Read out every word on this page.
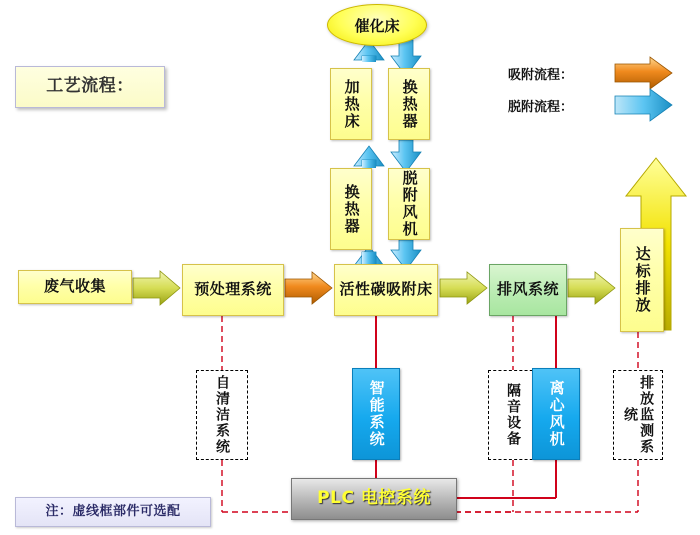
工艺流程：
注：虚线框部件可选配
吸附流程：
脱附流程：
催化床
加热床	换热器
换热器	脱附风机
废气收集	预处理系统	活性碳吸附床	排风系统	达标排放
自清洁系统	智能系统	隔音设备 离心风机	排放监测系统
PLC 电控系统
